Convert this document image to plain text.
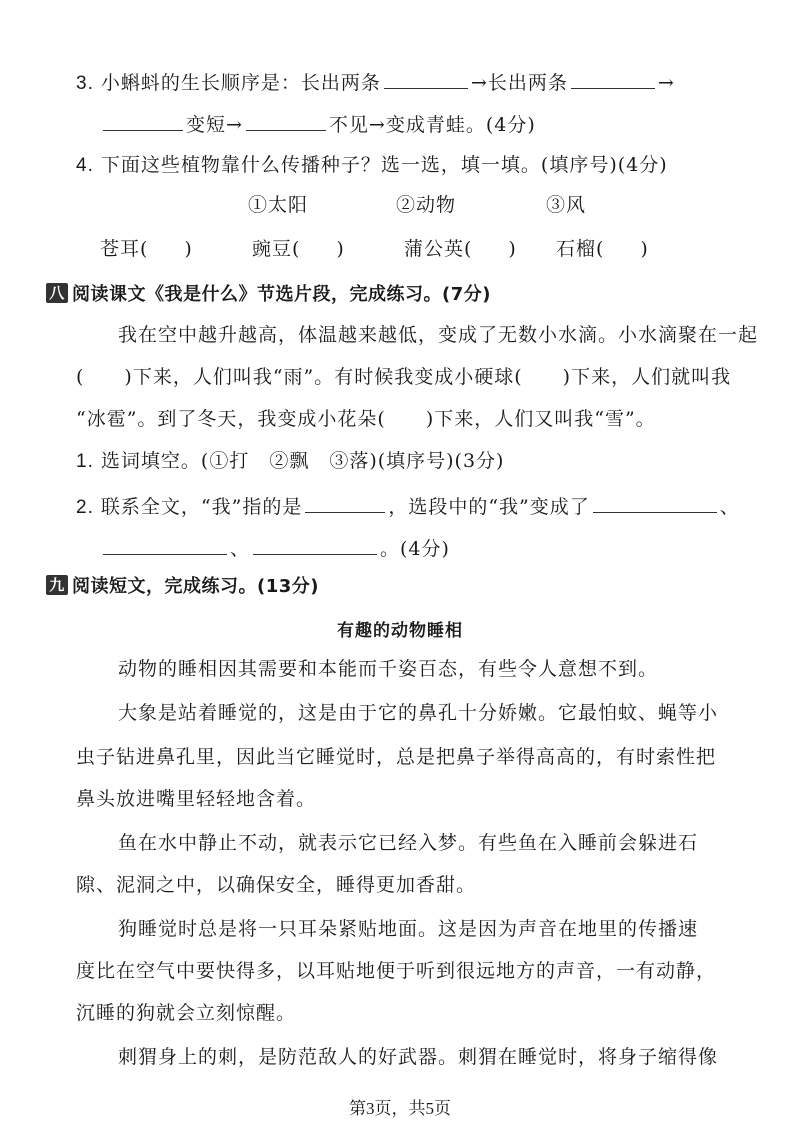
3. 小蝌蚪的生长顺序是：长出两条	→长出两条	→
变短→	不见→变成青蛙。(4分)
4. 下面这些植物靠什么传播种子？选一选，填一填。(填序号)(4分)
①太阳	②动物	③风
苍耳( )	豌豆( )	蒲公英( ) 石榴( )
八 阅读课文《我是什么》节选片段，完成练习。(7分)
我在空中越升越高，体温越来越低，变成了无数小水滴。小水滴聚在一起
(　　)下来，人们叫我“雨”。有时候我变成小硬球(　　)下来，人们就叫我
“冰雹”。到了冬天，我变成小花朵(　　)下来，人们又叫我“雪”。
1. 选词填空。(①打　②飘　③落)(填序号)(3分)
2. 联系全文，“我”指的是	，选段中的“我”变成了	、
、	。(4分)
九 阅读短文，完成练习。(13分)
有趣的动物睡相
动物的睡相因其需要和本能而千姿百态，有些令人意想不到。
大象是站着睡觉的，这是由于它的鼻孔十分娇嫩。它最怕蚊、蝇等小
虫子钻进鼻孔里，因此当它睡觉时，总是把鼻子举得高高的，有时索性把
鼻头放进嘴里轻轻地含着。
鱼在水中静止不动，就表示它已经入梦。有些鱼在入睡前会躲进石
隙、泥洞之中，以确保安全，睡得更加香甜。
狗睡觉时总是将一只耳朵紧贴地面。这是因为声音在地里的传播速
度比在空气中要快得多，以耳贴地便于听到很远地方的声音，一有动静，
沉睡的狗就会立刻惊醒。
刺猬身上的刺，是防范敌人的好武器。刺猬在睡觉时，将身子缩得像
第3页，共5页
